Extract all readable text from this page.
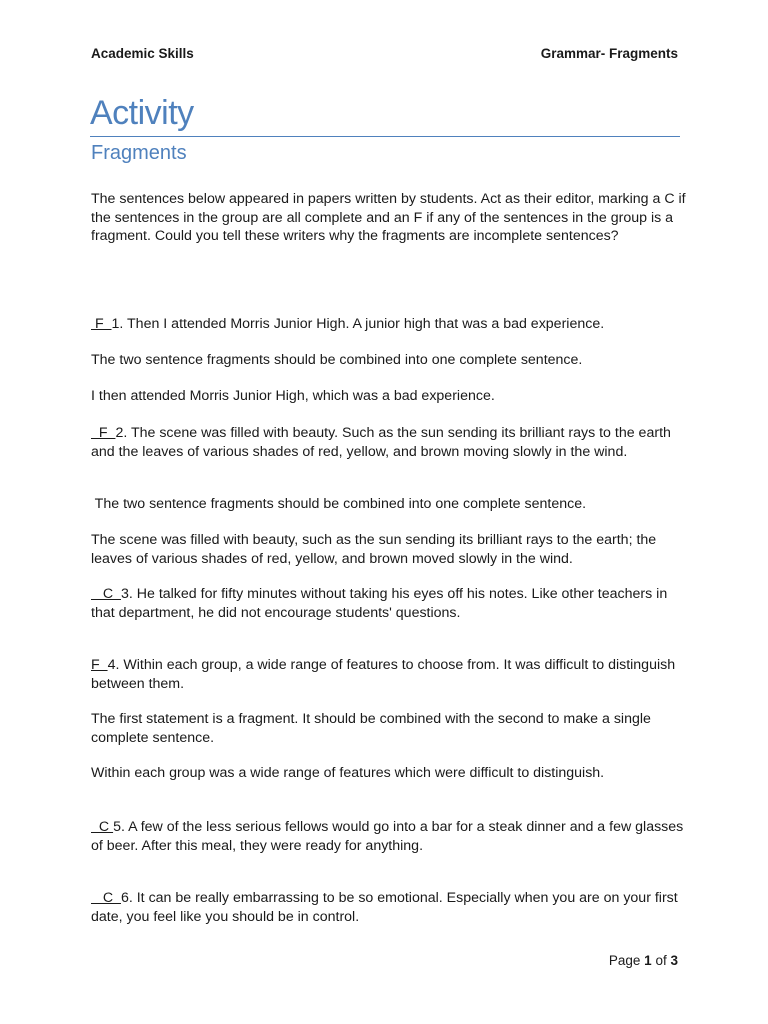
Academic Skills	Grammar- Fragments
Activity
Fragments

The sentences below appeared in papers written by students. Act as their editor, marking a C if the sentences in the group are all complete and an F if any of the sentences in the group is a fragment. Could you tell these writers why the fragments are incomplete sentences?

F  1. Then I attended Morris Junior High. A junior high that was a bad experience.

The two sentence fragments should be combined into one complete sentence.

I then attended Morris Junior High, which was a bad experience.

F  2. The scene was filled with beauty. Such as the sun sending its brilliant rays to the earth and the leaves of various shades of red, yellow, and brown moving slowly in the wind.

The two sentence fragments should be combined into one complete sentence.

The scene was filled with beauty, such as the sun sending its brilliant rays to the earth; the leaves of various shades of red, yellow, and brown moved slowly in the wind.

C  3. He talked for fifty minutes without taking his eyes off his notes. Like other teachers in that department, he did not encourage students' questions.

F  4. Within each group, a wide range of features to choose from. It was difficult to distinguish between them.

The first statement is a fragment. It should be combined with the second to make a single complete sentence.

Within each group was a wide range of features which were difficult to distinguish.

C 5. A few of the less serious fellows would go into a bar for a steak dinner and a few glasses of beer. After this meal, they were ready for anything.

C  6. It can be really embarrassing to be so emotional. Especially when you are on your first date, you feel like you should be in control.

Page 1 of 3
